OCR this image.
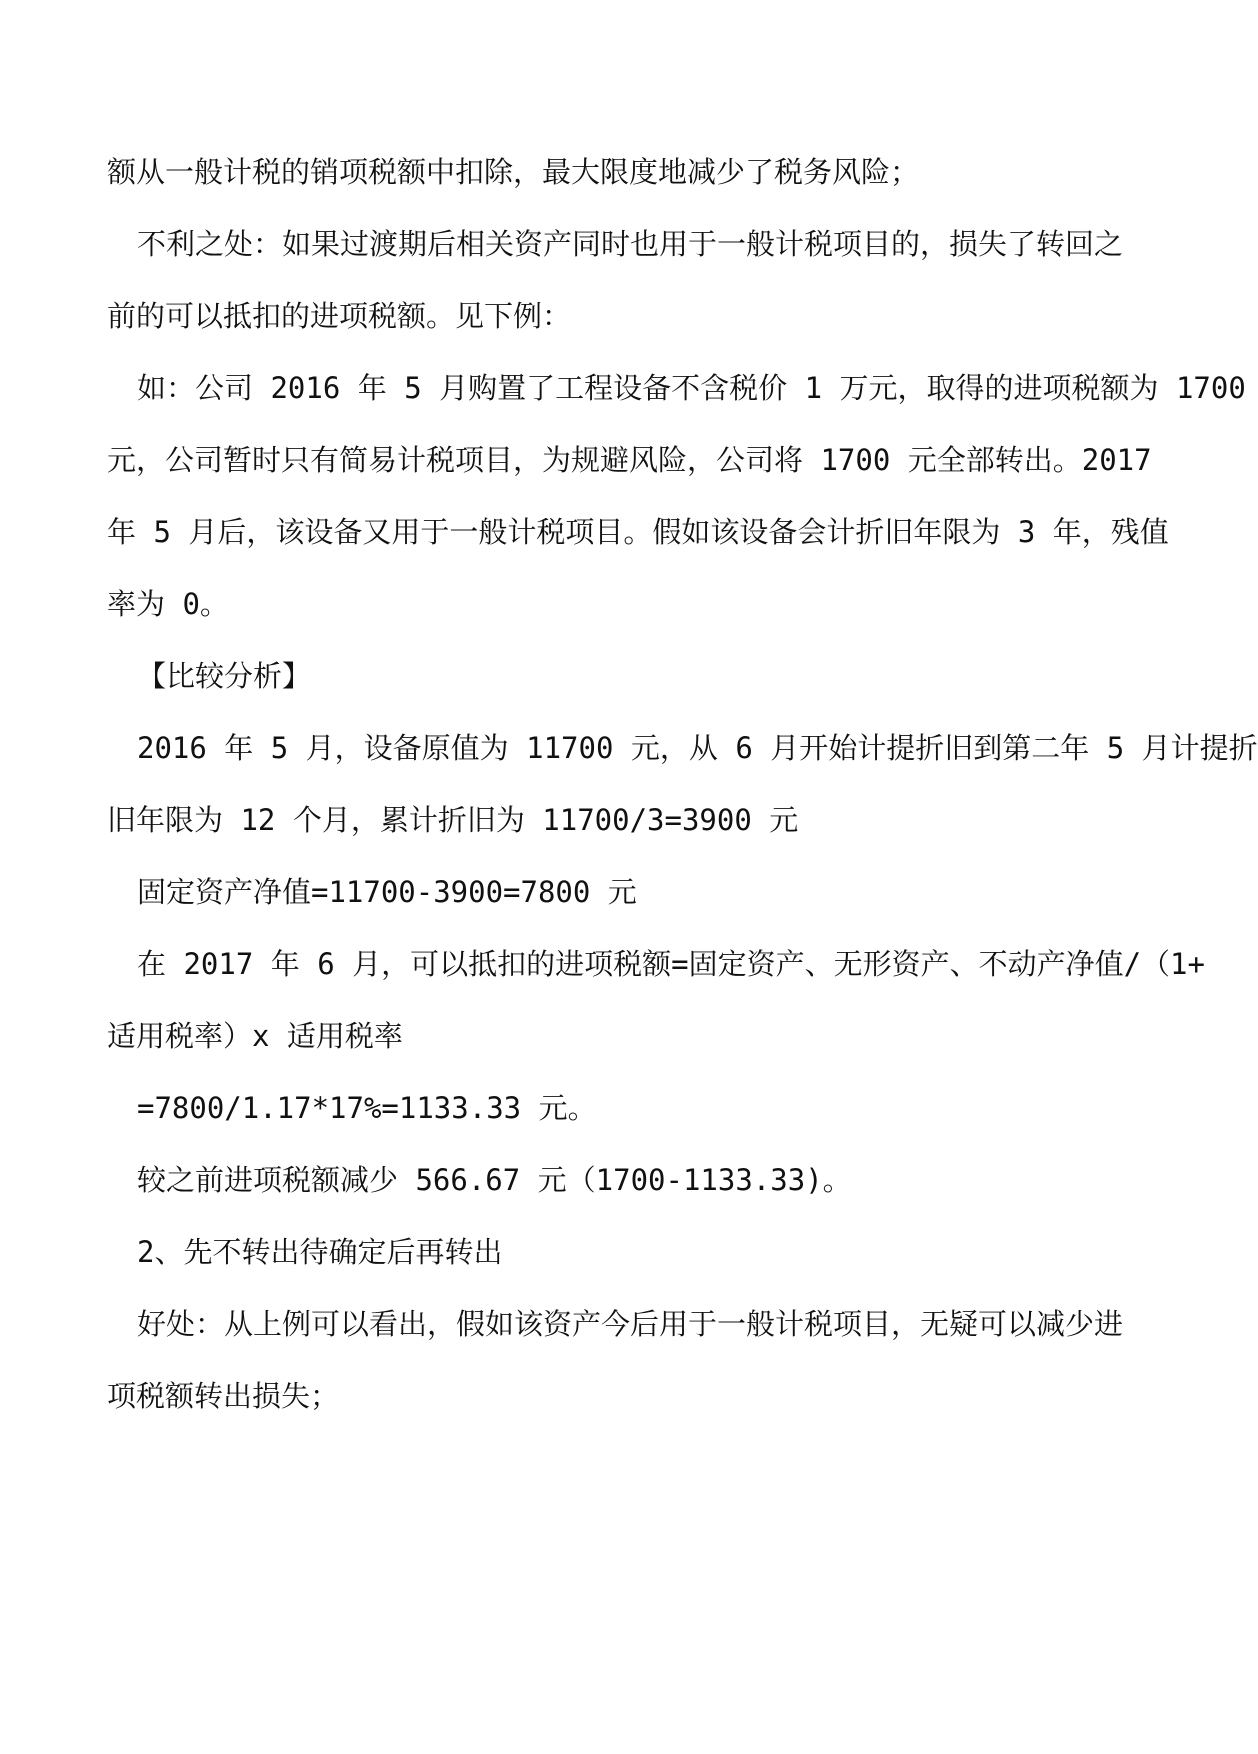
额从一般计税的销项税额中扣除，最大限度地减少了税务风险；
不利之处：如果过渡期后相关资产同时也用于一般计税项目的，损失了转回之
前的可以抵扣的进项税额。见下例：
如：公司 2016 年 5 月购置了工程设备不含税价 1 万元，取得的进项税额为 1700
元，公司暂时只有简易计税项目，为规避风险，公司将 1700 元全部转出。2017
年 5 月后，该设备又用于一般计税项目。假如该设备会计折旧年限为 3 年，残值
率为 0。
【比较分析】
2016 年 5 月，设备原值为 11700 元，从 6 月开始计提折旧到第二年 5 月计提折
旧年限为 12 个月，累计折旧为 11700/3=3900 元
固定资产净值=11700-3900=7800 元
在 2017 年 6 月，可以抵扣的进项税额=固定资产、无形资产、不动产净值/（1+
适用税率）x 适用税率
=7800/1.17*17%=1133.33 元。
较之前进项税额减少 566.67 元（1700-1133.33)。
2、先不转出待确定后再转出
好处：从上例可以看出，假如该资产今后用于一般计税项目，无疑可以减少进
项税额转出损失；
